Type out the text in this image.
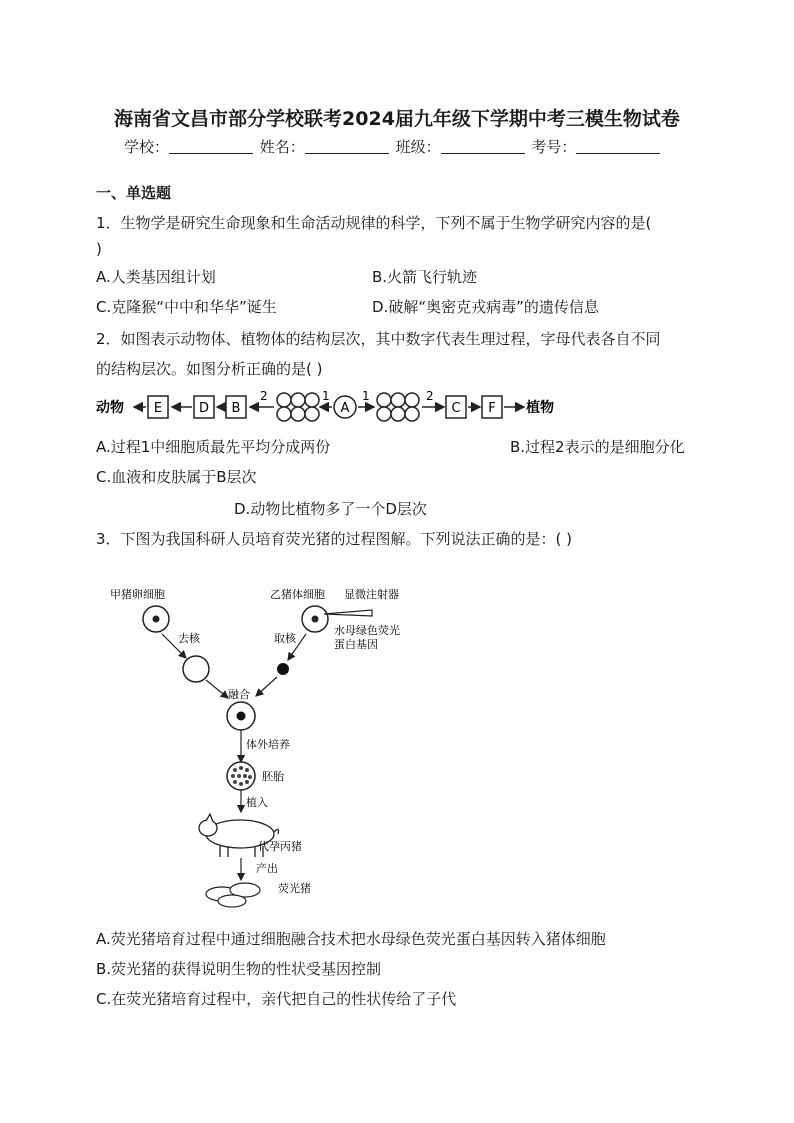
海南省文昌市部分学校联考2024届九年级下学期中考三模生物试卷
学校：	姓名：	班级：	考号：
一、单选题
1．生物学是研究生命现象和生命活动规律的科学，下列不属于生物学研究内容的是(
)
A.人类基因组计划	B.火箭飞行轨迹
C.克隆猴“中中和华华”诞生	D.破解“奥密克戎病毒”的遗传信息
2．如图表示动物体、植物体的结构层次，其中数字代表生理过程，字母代表各自不同
的结构层次。如图分析正确的是( )
动物 E	D B
2	1
A
1	2
C F 植物
A.过程1中细胞质最先平均分成两份	B.过程2表示的是细胞分化
C.血液和皮肤属于B层次
D.动物比植物多了一个D层次
3．下图为我国科研人员培育荧光猪的过程图解。下列说法正确的是：( )
甲猪卵细胞
去核
乙猪体细胞 显微注射器
水母绿色荧光
蛋白基因
取核
融合
体外培养
胚胎
植入
代孕丙猪
产出
荧光猪
A.荧光猪培育过程中通过细胞融合技术把水母绿色荧光蛋白基因转入猪体细胞
B.荧光猪的获得说明生物的性状受基因控制
C.在荧光猪培育过程中，亲代把自己的性状传给了子代
